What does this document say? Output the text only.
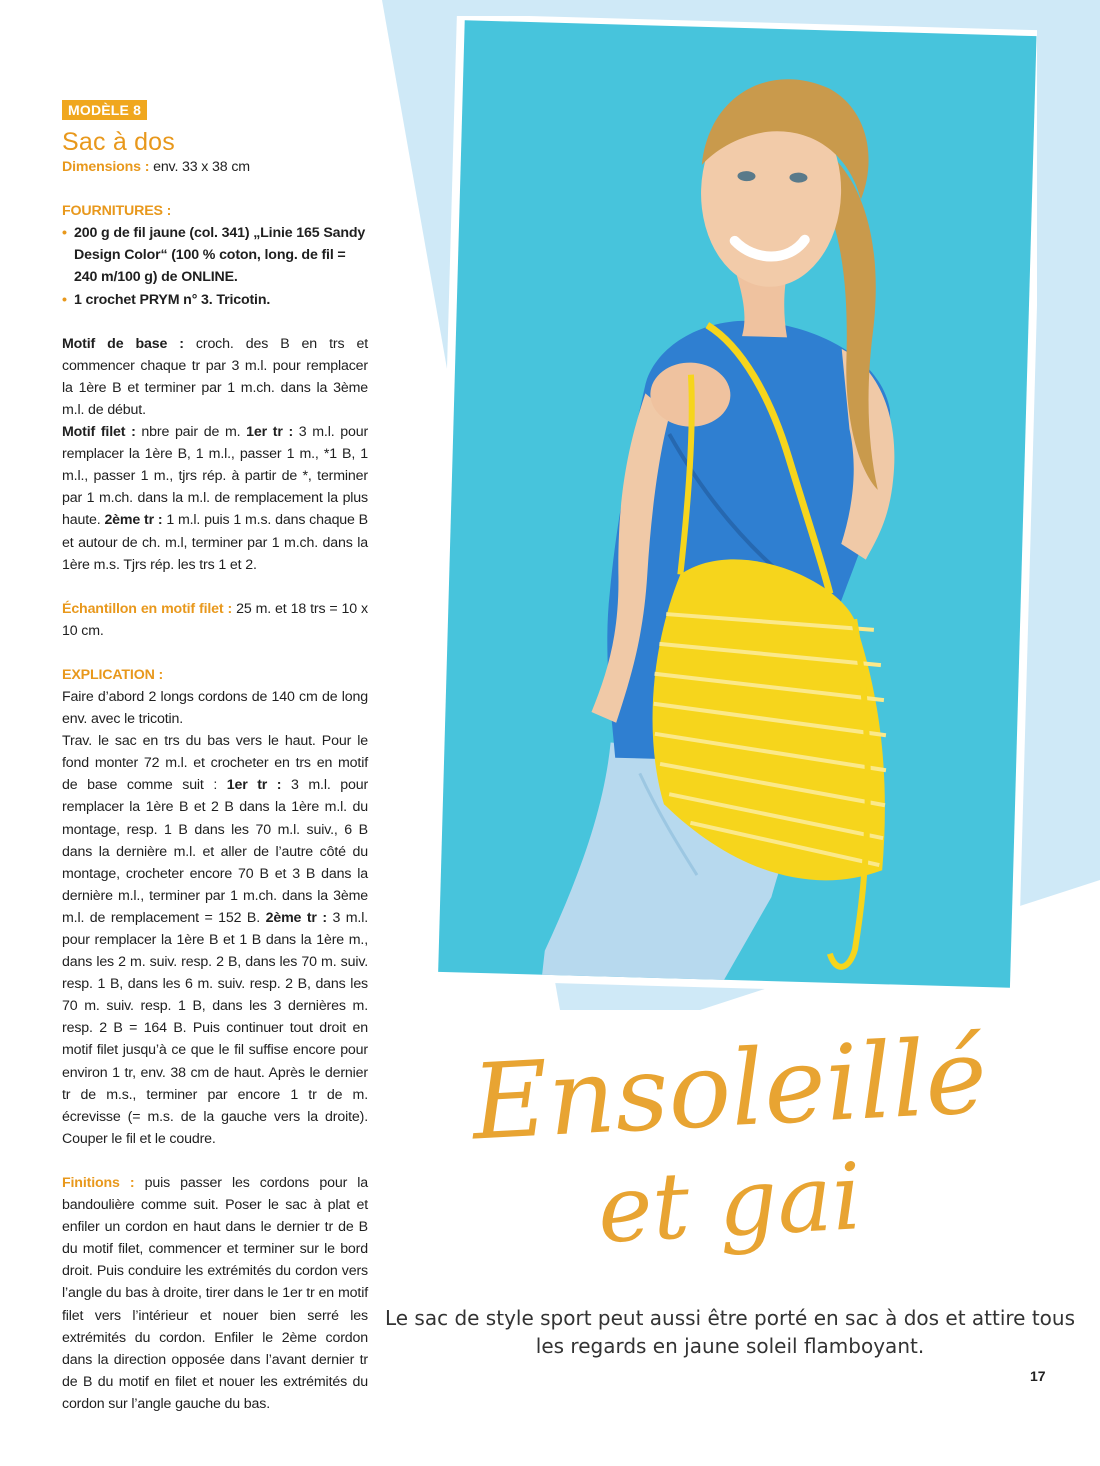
MODÈLE 8
Sac à dos
Dimensions : env. 33 x 38 cm
FOURNITURES :
• 200 g de fil jaune (col. 341) „Linie 165 Sandy Design Color“ (100 % coton, long. de fil = 240 m/100 g) de ONLINE.
• 1 crochet PRYM n° 3. Tricotin.
Motif de base : croch. des B en trs et commencer chaque tr par 3 m.l. pour remplacer la 1ère B et terminer par 1 m.ch. dans la 3ème m.l. de début.
Motif filet : nbre pair de m. 1er tr : 3 m.l. pour remplacer la 1ère B, 1 m.l., passer 1 m., *1 B, 1 m.l., passer 1 m., tjrs rép. à partir de *, terminer par 1 m.ch. dans la m.l. de remplacement la plus haute. 2ème tr : 1 m.l. puis 1 m.s. dans chaque B et autour de ch. m.l, terminer par 1 m.ch. dans la 1ère m.s. Tjrs rép. les trs 1 et 2.
Échantillon en motif filet : 25 m. et 18 trs = 10 x 10 cm.
EXPLICATION :
Faire d’abord 2 longs cordons de 140 cm de long env. avec le tricotin.
Trav. le sac en trs du bas vers le haut. Pour le fond monter 72 m.l. et crocheter en trs en motif de base comme suit : 1er tr : 3 m.l. pour remplacer la 1ère B et 2 B dans la 1ère m.l. du montage, resp. 1 B dans les 70 m.l. suiv., 6 B dans la dernière m.l. et aller de l’autre côté du montage, crocheter encore 70 B et 3 B dans la dernière m.l., terminer par 1 m.ch. dans la 3ème m.l. de remplacement = 152 B. 2ème tr : 3 m.l. pour remplacer la 1ère B et 1 B dans la 1ère m., dans les 2 m. suiv. resp. 2 B, dans les 70 m. suiv. resp. 1 B, dans les 6 m. suiv. resp. 2 B, dans les 70 m. suiv. resp. 1 B, dans les 3 dernières m. resp. 2 B = 164 B. Puis continuer tout droit en motif filet jusqu’à ce que le fil suffise encore pour environ 1 tr, env. 38 cm de haut. Après le dernier tr de m.s., terminer par encore 1 tr de m. écrevisse (= m.s. de la gauche vers la droite). Couper le fil et le coudre.
Finitions : puis passer les cordons pour la bandoulière comme suit. Poser le sac à plat et enfiler un cordon en haut dans le dernier tr de B du motif filet, commencer et terminer sur le bord droit. Puis conduire les extrémités du cordon vers l’angle du bas à droite, tirer dans le 1er tr en motif filet vers l’intérieur et nouer bien serré les extrémités du cordon. Enfiler le 2ème cordon dans la direction opposée dans l’avant dernier tr de B du motif en filet et nouer les extrémités du cordon sur l’angle gauche du bas.
Ensoleillé
et gai
Le sac de style sport peut aussi être porté en sac à dos et attire tous les regards en jaune soleil flamboyant.
17
